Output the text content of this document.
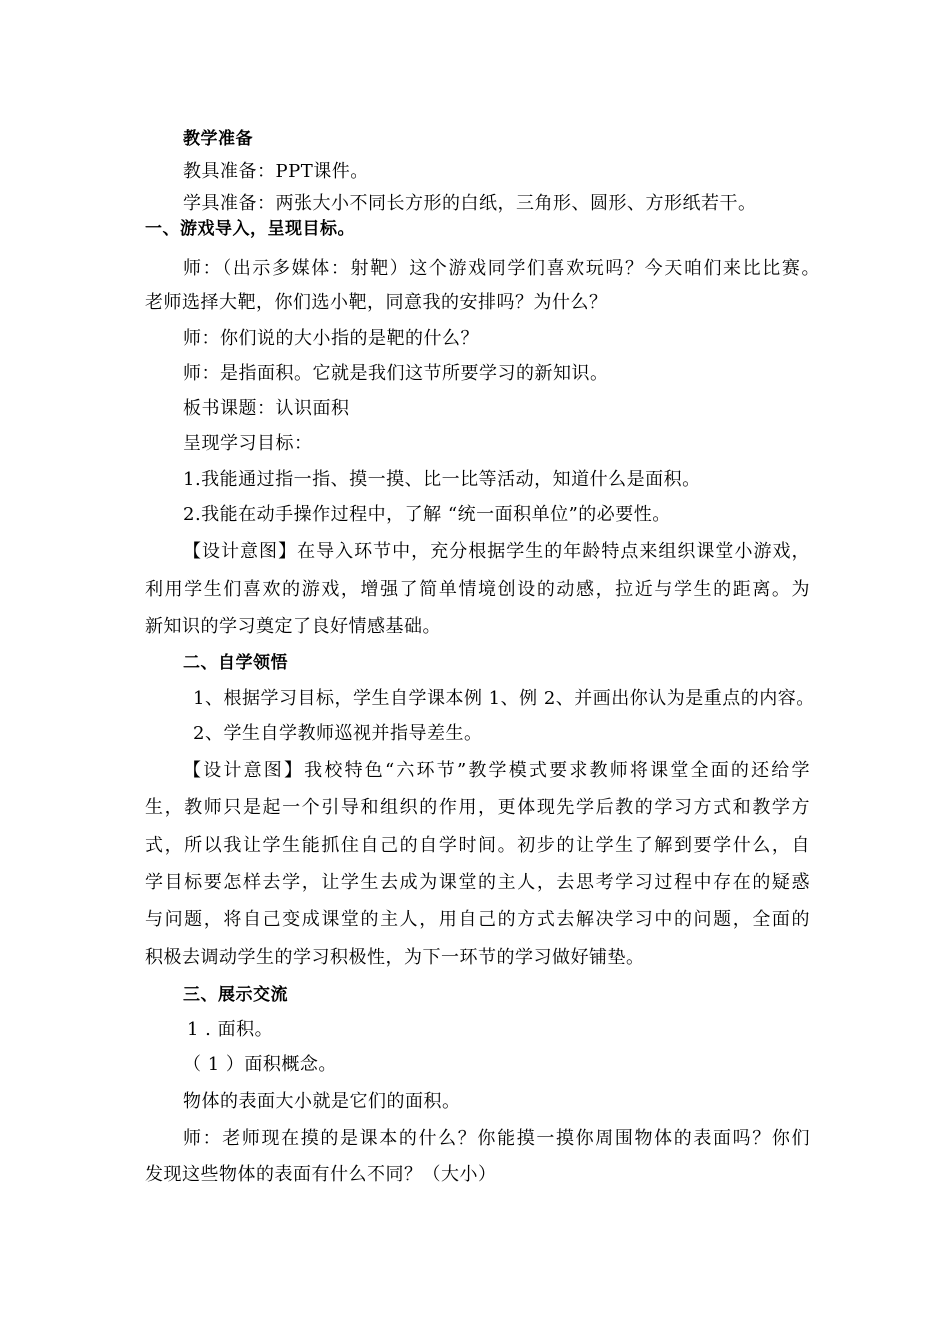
教学准备
教具准备：PPT课件。
学具准备：两张大小不同长方形的白纸，三角形、圆形、方形纸若干。
一、游戏导入，呈现目标。
师：（出示多媒体：射靶）这个游戏同学们喜欢玩吗？今天咱们来比比赛。
老师选择大靶，你们选小靶，同意我的安排吗？为什么？
师：你们说的大小指的是靶的什么？
师：是指面积。它就是我们这节所要学习的新知识。
板书课题：认识面积
呈现学习目标：
1.我能通过指一指、摸一摸、比一比等活动，知道什么是面积。
2.我能在动手操作过程中，了解 “统一面积单位”的必要性。
【设计意图】在导入环节中，充分根据学生的年龄特点来组织课堂小游戏，
利用学生们喜欢的游戏，增强了简单情境创设的动感，拉近与学生的距离。为
新知识的学习奠定了良好情感基础。
二、自学领悟
1、根据学习目标，学生自学课本例 1、例 2、并画出你认为是重点的内容。
2、学生自学教师巡视并指导差生。
【设计意图】我校特色“六环节”教学模式要求教师将课堂全面的还给学
生，教师只是起一个引导和组织的作用，更体现先学后教的学习方式和教学方
式，所以我让学生能抓住自己的自学时间。初步的让学生了解到要学什么，自
学目标要怎样去学，让学生去成为课堂的主人，去思考学习过程中存在的疑惑
与问题，将自己变成课堂的主人，用自己的方式去解决学习中的问题，全面的
积极去调动学生的学习积极性，为下一环节的学习做好铺垫。
三、展示交流
1 . 面积。
（ 1 ）面积概念。
物体的表面大小就是它们的面积。
师：老师现在摸的是课本的什么？你能摸一摸你周围物体的表面吗？你们
发现这些物体的表面有什么不同？（大小）
